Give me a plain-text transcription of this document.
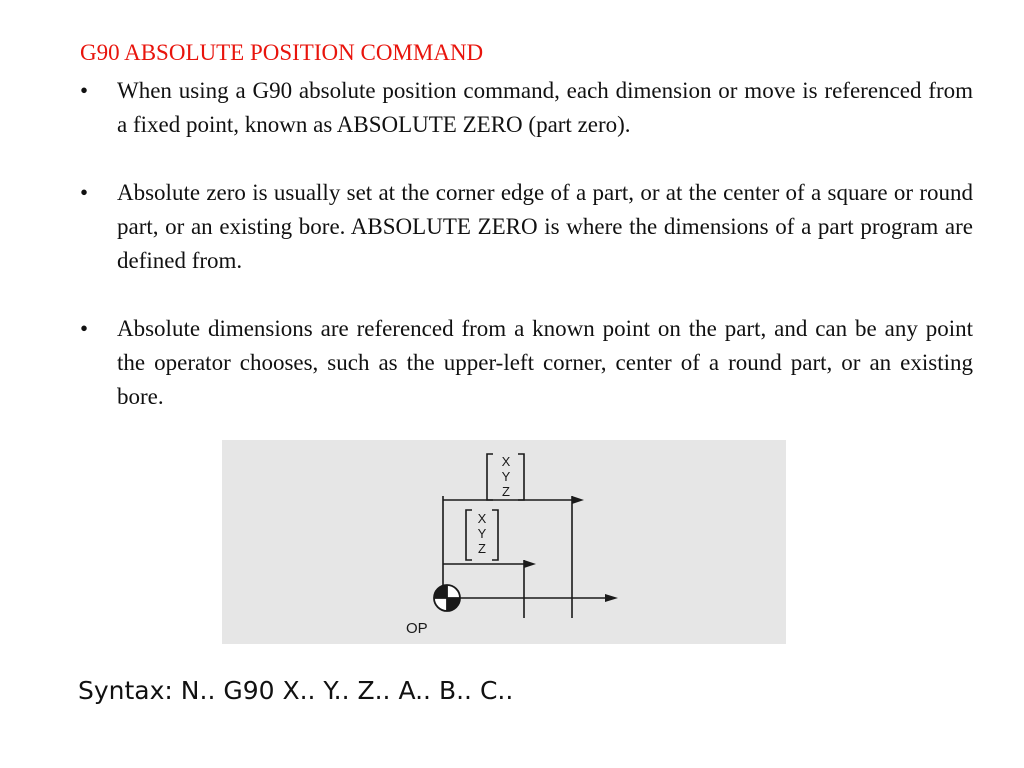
G90 ABSOLUTE POSITION COMMAND
• When using a G90 absolute position command, each dimension or move is referenced from a fixed point, known as ABSOLUTE ZERO (part zero).
• Absolute zero is usually set at the corner edge of a part, or at the center of a square or round part, or an existing bore. ABSOLUTE ZERO is where the dimensions of a part program are defined from.
• Absolute dimensions are referenced from a known point on the part, and can be any point the operator chooses, such as the upper-left corner, center of a round part, or an existing bore.
X
Y
Z
X
Y
Z
OP
Syntax: N.. G90 X.. Y.. Z.. A.. B.. C..
